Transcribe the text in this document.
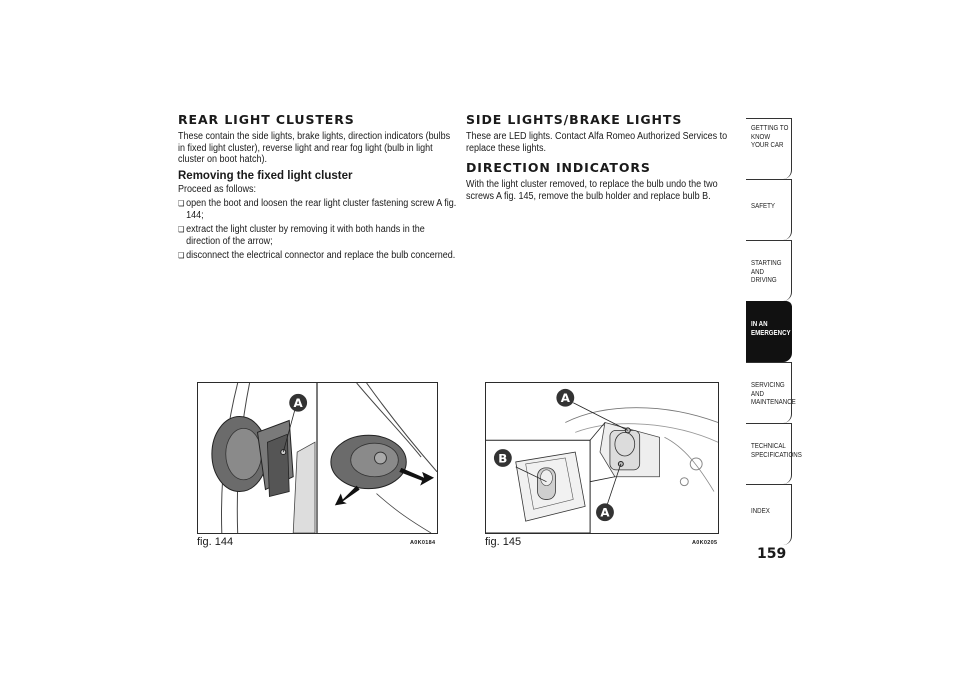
REAR LIGHT CLUSTERS

These contain the side lights, brake lights, direction indicators (bulbs in fixed light cluster), reverse light and rear fog light (bulb in light cluster on boot hatch).

Removing the fixed light cluster

Proceed as follows:

❏ open the boot and loosen the rear light cluster fastening screw A fig. 144;
❏ extract the light cluster by removing it with both hands in the direction of the arrow;
❏ disconnect the electrical connector and replace the bulb concerned.
SIDE LIGHTS/BRAKE LIGHTS

These are LED lights. Contact Alfa Romeo Authorized Services to replace these lights.

DIRECTION INDICATORS

With the light cluster removed, to replace the bulb undo the two screws A fig. 145, remove the bulb holder and replace bulb B.

A
fig. 144	A0K0184
A
A
B
fig. 145	A0K0205
GETTING TO KNOW
YOUR CAR
SAFETY
STARTING AND
DRIVING
IN AN
EMERGENCY
SERVICING AND
MAINTENANCE
TECHNICAL
SPECIFICATIONS
INDEX
159
